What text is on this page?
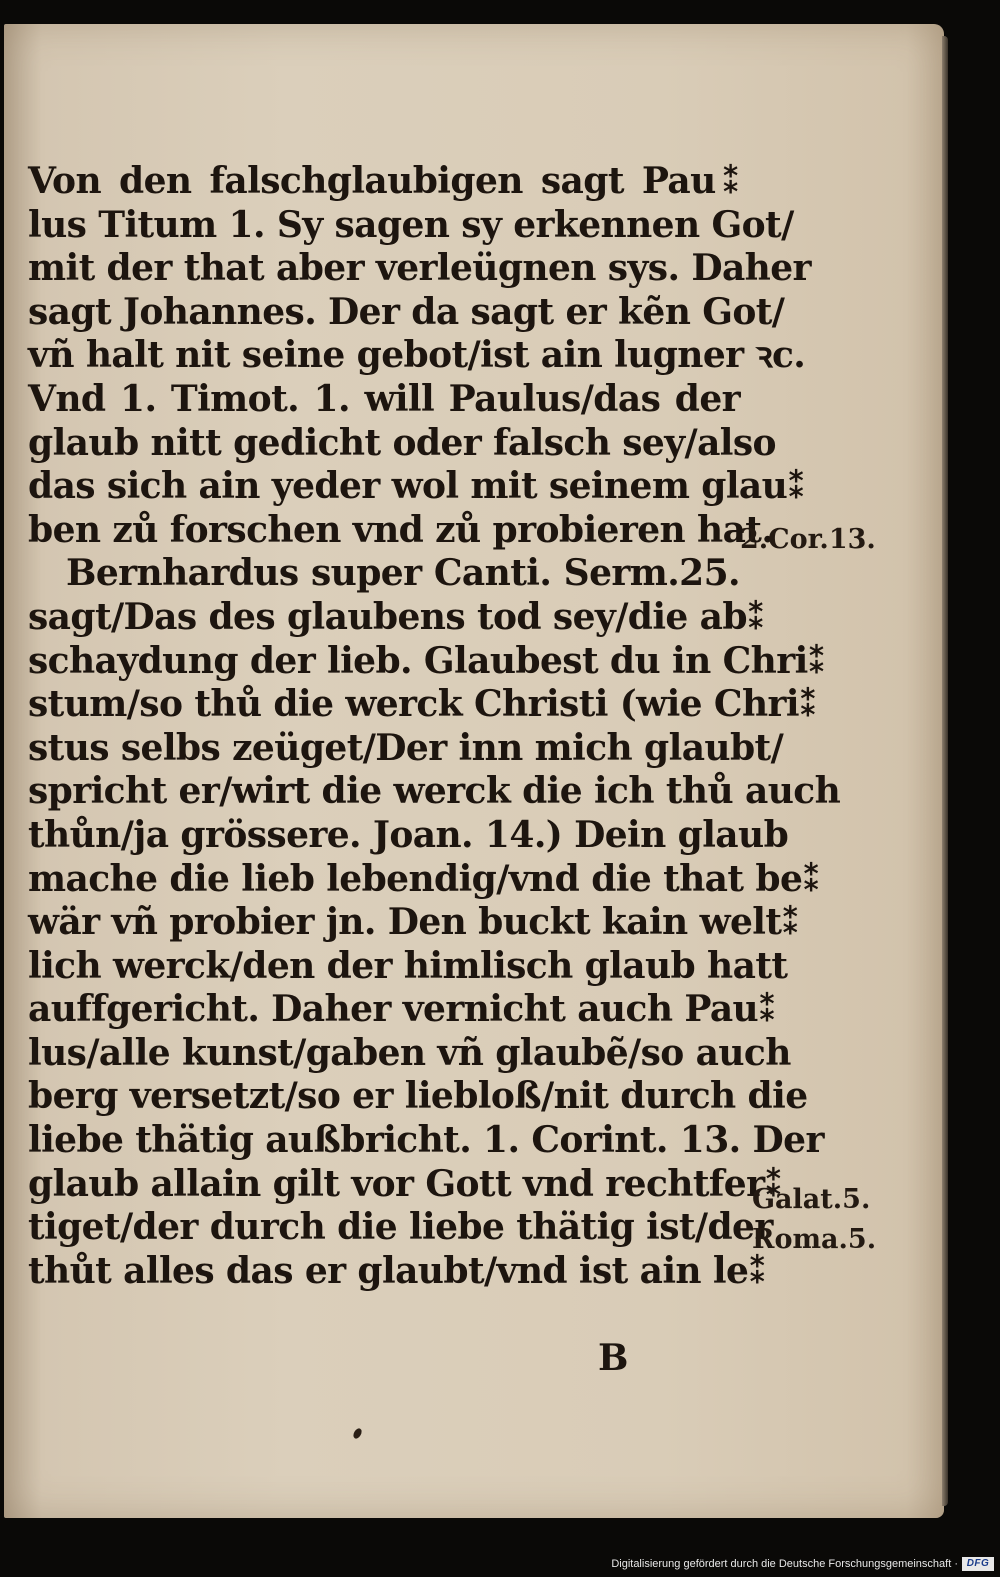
Von den falschglaubigen sagt Pau⁑
lus Titum 1. Sy sagen sy erkennen Got/
mit der that aber verleügnen sys. Daher
sagt Johannes. Der da sagt er kẽn Got/
vñ halt nit seine gebot/ist ain lugner ꝛc.
Vnd 1. Timot. 1. will Paulus/das der
glaub nitt gedicht oder falsch sey/also
das sich ain yeder wol mit seinem glau⁑
ben zů forschen vnd zů probieren hat.
Bernhardus super Canti. Serm.25.
sagt/Das des glaubens tod sey/die ab⁑
schaydung der lieb. Glaubest du in Chri⁑
stum/so thů die werck Christi (wie Chri⁑
stus selbs zeüget/Der inn mich glaubt/
spricht er/wirt die werck die ich thů auch
thůn/ja grössere. Joan. 14.) Dein glaub
mache die lieb lebendig/vnd die that be⁑
wär vñ probier jn. Den buckt kain welt⁑
lich werck/den der himlisch glaub hatt
auffgericht. Daher vernicht auch Pau⁑
lus/alle kunst/gaben vñ glaubẽ/so auch
berg versetzt/so er liebloß/nit durch die
liebe thätig außbricht. 1. Corint. 13. Der
glaub allain gilt vor Gott vnd rechtfer⁑
tiget/der durch die liebe thätig ist/der
thůt alles das er glaubt/vnd ist ain le⁑
2.Cor.13.
Galat.5.
Roma.5.
B
Digitalisierung gefördert durch die Deutsche Forschungsgemeinschaft · DFG
